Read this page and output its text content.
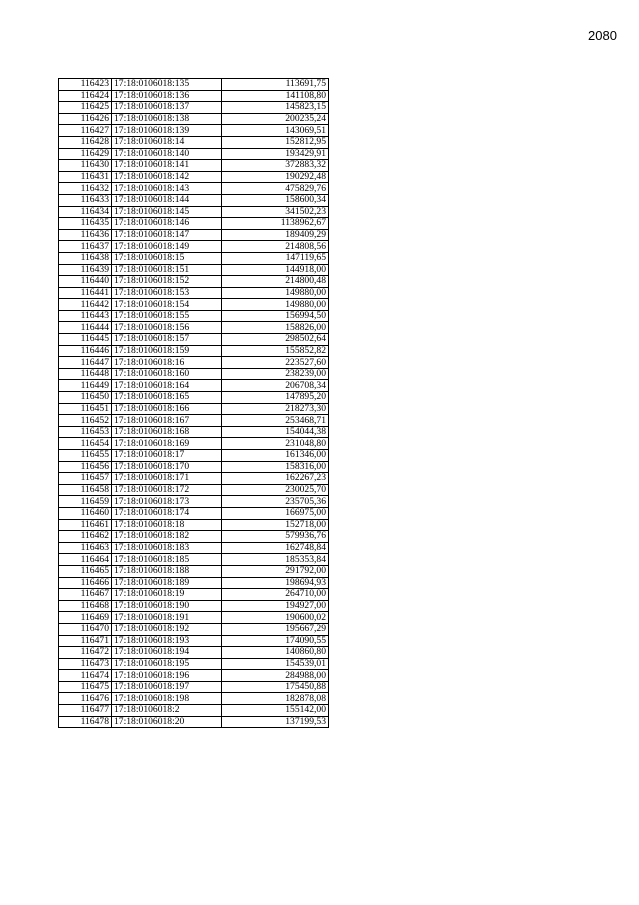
2080
116423	17:18:0106018:135	113691,75
116424	17:18:0106018:136	141108,80
116425	17:18:0106018:137	145823,15
116426	17:18:0106018:138	200235,24
116427	17:18:0106018:139	143069,51
116428	17:18:0106018:14	152812,95
116429	17:18:0106018:140	193429,91
116430	17:18:0106018:141	372883,32
116431	17:18:0106018:142	190292,48
116432	17:18:0106018:143	475829,76
116433	17:18:0106018:144	158600,34
116434	17:18:0106018:145	341502,23
116435	17:18:0106018:146	1138962,67
116436	17:18:0106018:147	189409,29
116437	17:18:0106018:149	214808,56
116438	17:18:0106018:15	147119,65
116439	17:18:0106018:151	144918,00
116440	17:18:0106018:152	214800,48
116441	17:18:0106018:153	149880,00
116442	17:18:0106018:154	149880,00
116443	17:18:0106018:155	156994,50
116444	17:18:0106018:156	158826,00
116445	17:18:0106018:157	298502,64
116446	17:18:0106018:159	155852,82
116447	17:18:0106018:16	223527,60
116448	17:18:0106018:160	238239,00
116449	17:18:0106018:164	206708,34
116450	17:18:0106018:165	147895,20
116451	17:18:0106018:166	218273,30
116452	17:18:0106018:167	253468,71
116453	17:18:0106018:168	154044,38
116454	17:18:0106018:169	231048,80
116455	17:18:0106018:17	161346,00
116456	17:18:0106018:170	158316,00
116457	17:18:0106018:171	162267,23
116458	17:18:0106018:172	230025,70
116459	17:18:0106018:173	235705,36
116460	17:18:0106018:174	166975,00
116461	17:18:0106018:18	152718,00
116462	17:18:0106018:182	579936,76
116463	17:18:0106018:183	162748,84
116464	17:18:0106018:185	185353,84
116465	17:18:0106018:188	291792,00
116466	17:18:0106018:189	198694,93
116467	17:18:0106018:19	264710,00
116468	17:18:0106018:190	194927,00
116469	17:18:0106018:191	190600,02
116470	17:18:0106018:192	195667,29
116471	17:18:0106018:193	174090,55
116472	17:18:0106018:194	140860,80
116473	17:18:0106018:195	154539,01
116474	17:18:0106018:196	284988,00
116475	17:18:0106018:197	175450,88
116476	17:18:0106018:198	182878,08
116477	17:18:0106018:2	155142,00
116478	17:18:0106018:20	137199,53
